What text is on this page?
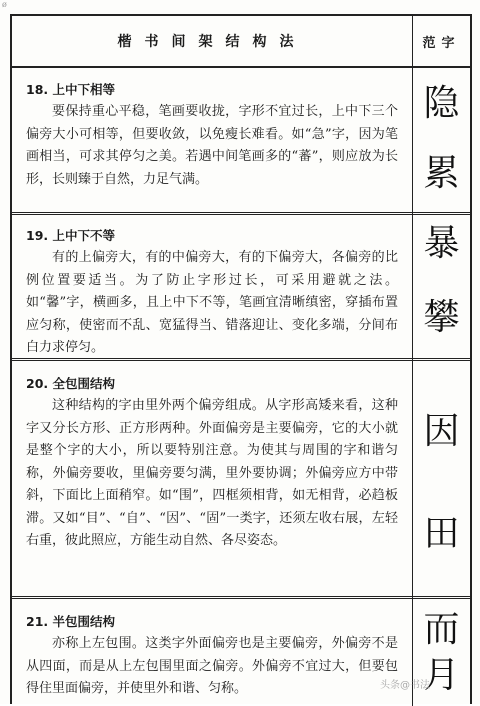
ø
楷书间架结构法	范字
18. 上中下相等

要保持重心平稳，笔画要收拢，字形不宜过长，上中下三个偏旁大小可相等，但要收敛，以免瘦长难看。如“急”字，因为笔画相当，可求其停匀之美。若遇中间笔画多的“蕃”，则应放为长形，长则臻于自然，力足气满。

隐
累
19. 上中下不等

有的上偏旁大，有的中偏旁大，有的下偏旁大，各偏旁的比例位置要适当。为了防止字形过长，可采用避就之法。如“馨”字，横画多，且上中下不等，笔画宜清晰缜密，穿插布置应匀称，使密而不乱、宽猛得当、错落迎让、变化多端，分间布白力求停匀。

暴
攀
20. 全包围结构

这种结构的字由里外两个偏旁组成。从字形高矮来看，这种字又分长方形、正方形两种。外面偏旁是主要偏旁，它的大小就是整个字的大小，所以要特别注意。为使其与周围的字和谐匀称，外偏旁要收，里偏旁要匀满，里外要协调；外偏旁应方中带斜，下面比上面稍窄。如“围”，四框须相背，如无相背，必趋板滞。又如“目”、“自”、“因”、“固”一类字，还须左收右展，左轻右重，彼此照应，方能生动自然、各尽姿态。

因
田
21. 半包围结构

亦称上左包围。这类字外面偏旁也是主要偏旁，外偏旁不是从四面，而是从上左包围里面之偏旁。外偏旁不宜过大，但要包得住里面偏旁，并使里外和谐、匀称。

而
月
头条@书法
